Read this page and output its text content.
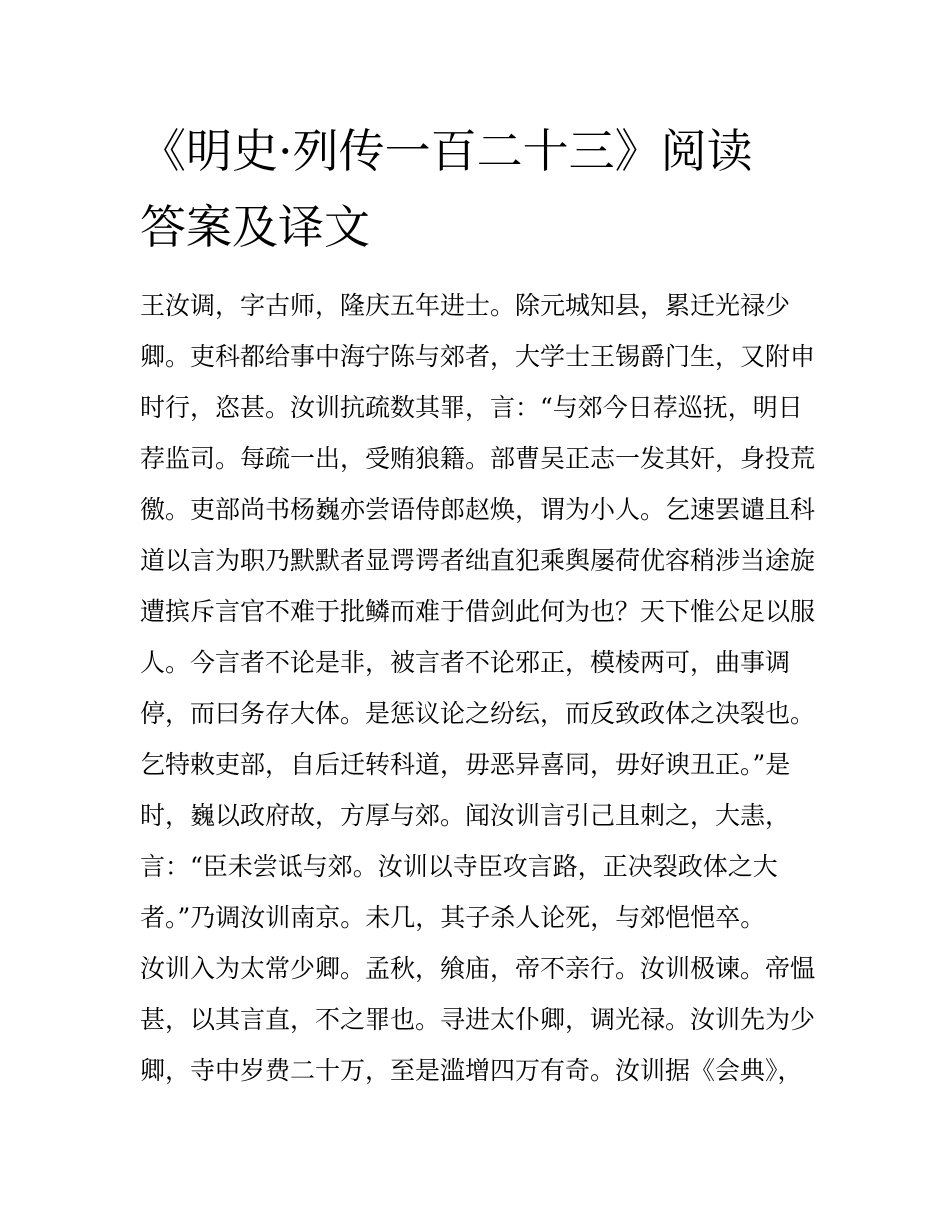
《明史·列传一百二十三》阅读
答案及译文
王汝调，字古师，隆庆五年进士。除元城知县，累迁光禄少
卿。吏科都给事中海宁陈与郊者，大学士王锡爵门生，又附申
时行，恣甚。汝训抗疏数其罪，言：“与郊今日荐巡抚，明日
荐监司。每疏一出，受贿狼籍。部曹吴正志一发其奸，身投荒
徼。吏部尚书杨巍亦尝语侍郎赵焕，谓为小人。乞速罢谴且科
道以言为职乃默默者显谔谔者绌直犯乘舆屡荷优容稍涉当途旋
遭摈斥言官不难于批鳞而难于借剑此何为也？天下惟公足以服
人。今言者不论是非，被言者不论邪正，模棱两可，曲事调
停，而曰务存大体。是惩议论之纷纭，而反致政体之决裂也。
乞特敕吏部，自后迁转科道，毋恶异喜同，毋好谀丑正。”是
时，巍以政府故，方厚与郊。闻汝训言引己且刺之，大恚，
言：“臣未尝诋与郊。汝训以寺臣攻言路，正决裂政体之大
者。”乃调汝训南京。未几，其子杀人论死，与郊悒悒卒。
汝训入为太常少卿。孟秋，飨庙，帝不亲行。汝训极谏。帝愠
甚，以其言直，不之罪也。寻进太仆卿，调光禄。汝训先为少
卿，寺中岁费二十万，至是滥增四万有奇。汝训据《会典》，
